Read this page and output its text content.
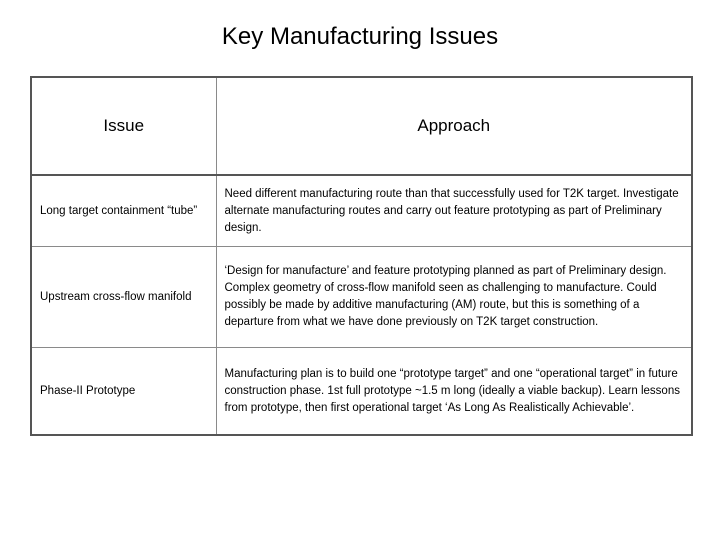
Key Manufacturing Issues
Issue	Approach
Long target containment “tube”	Need different manufacturing route than that successfully used for T2K target. Investigate alternate manufacturing routes and carry out feature prototyping as part of Preliminary design.
Upstream cross-flow manifold	‘Design for manufacture’ and feature prototyping planned as part of Preliminary design. Complex geometry of cross-flow manifold seen as challenging to manufacture. Could possibly be made by additive manufacturing (AM) route, but this is something of a departure from what we have done previously on T2K target construction.
Phase-II Prototype	Manufacturing plan is to build one “prototype target” and one “operational target” in future construction phase. 1st full prototype ~1.5 m long (ideally a viable backup). Learn lessons from prototype, then first operational target ‘As Long As Realistically Achievable’.
